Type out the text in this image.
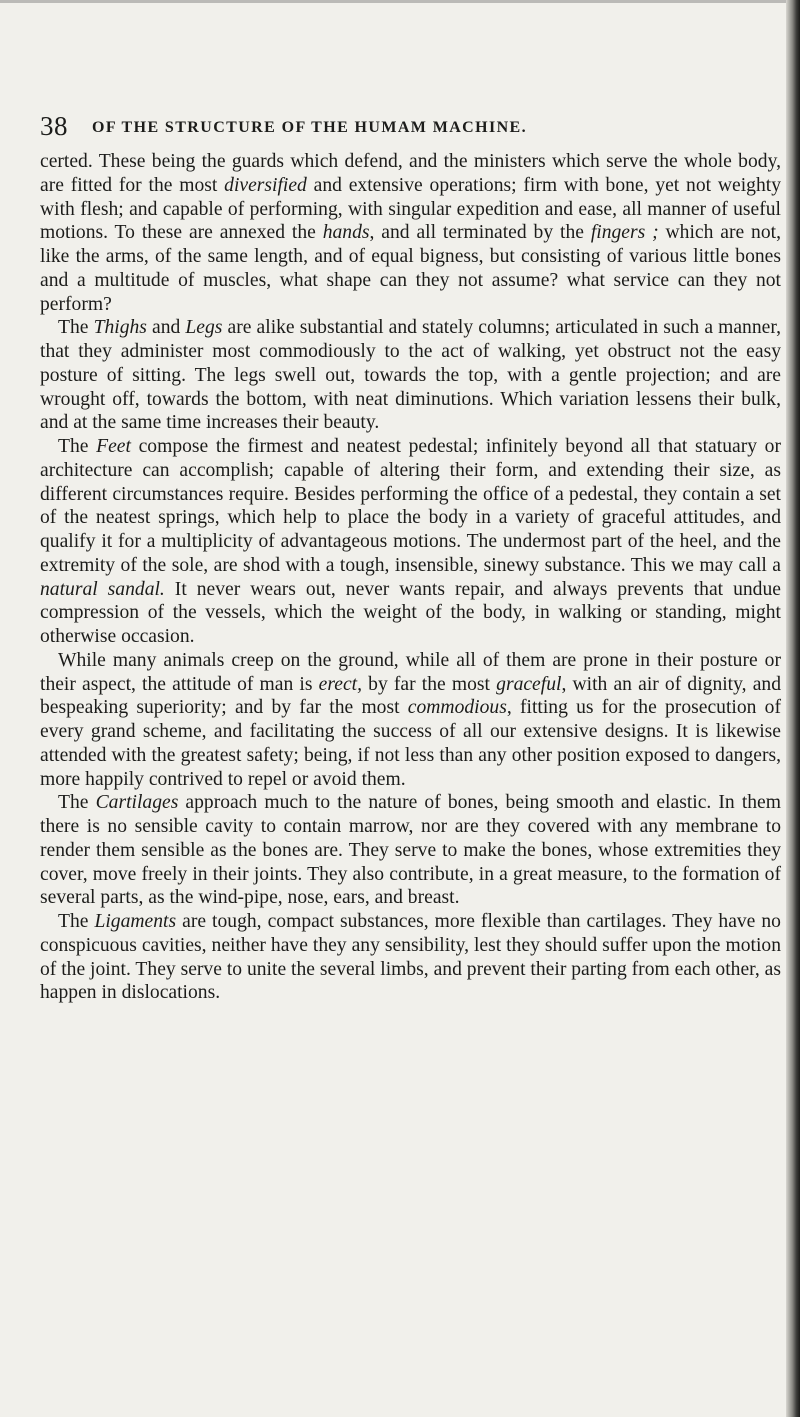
38 OF THE STRUCTURE OF THE HUMAM MACHINE.

certed. These being the guards which defend, and the ministers which serve the whole body, are fitted for the most diversified and extensive operations; firm with bone, yet not weighty with flesh; and capable of performing, with singular expedition and ease, all manner of useful motions. To these are annexed the hands, and all terminated by the fingers ; which are not, like the arms, of the same length, and of equal bigness, but consisting of various little bones and a multitude of muscles, what shape can they not assume? what service can they not perform?

The Thighs and Legs are alike substantial and stately columns; articulated in such a manner, that they administer most commodiously to the act of walking, yet obstruct not the easy posture of sitting. The legs swell out, towards the top, with a gentle projection; and are wrought off, towards the bottom, with neat diminutions. Which variation lessens their bulk, and at the same time increases their beauty.

The Feet compose the firmest and neatest pedestal; infinitely beyond all that statuary or architecture can accomplish; capable of altering their form, and extending their size, as different circumstances require. Besides performing the office of a pedestal, they contain a set of the neatest springs, which help to place the body in a variety of graceful attitudes, and qualify it for a multiplicity of advantageous motions. The undermost part of the heel, and the extremity of the sole, are shod with a tough, insensible, sinewy substance. This we may call a natural sandal. It never wears out, never wants repair, and always prevents that undue compression of the vessels, which the weight of the body, in walking or standing, might otherwise occasion.

While many animals creep on the ground, while all of them are prone in their posture or their aspect, the attitude of man is erect, by far the most graceful, with an air of dignity, and bespeaking superiority; and by far the most commodious, fitting us for the prosecution of every grand scheme, and facilitating the success of all our extensive designs. It is likewise attended with the greatest safety; being, if not less than any other position exposed to dangers, more happily contrived to repel or avoid them.

The Cartilages approach much to the nature of bones, being smooth and elastic. In them there is no sensible cavity to contain marrow, nor are they covered with any membrane to render them sensible as the bones are. They serve to make the bones, whose extremities they cover, move freely in their joints. They also contribute, in a great measure, to the formation of several parts, as the wind-pipe, nose, ears, and breast.

The Ligaments are tough, compact substances, more flexible than cartilages. They have no conspicuous cavities, neither have they any sensibility, lest they should suffer upon the motion of the joint. They serve to unite the several limbs, and prevent their parting from each other, as happen in dislocations.
